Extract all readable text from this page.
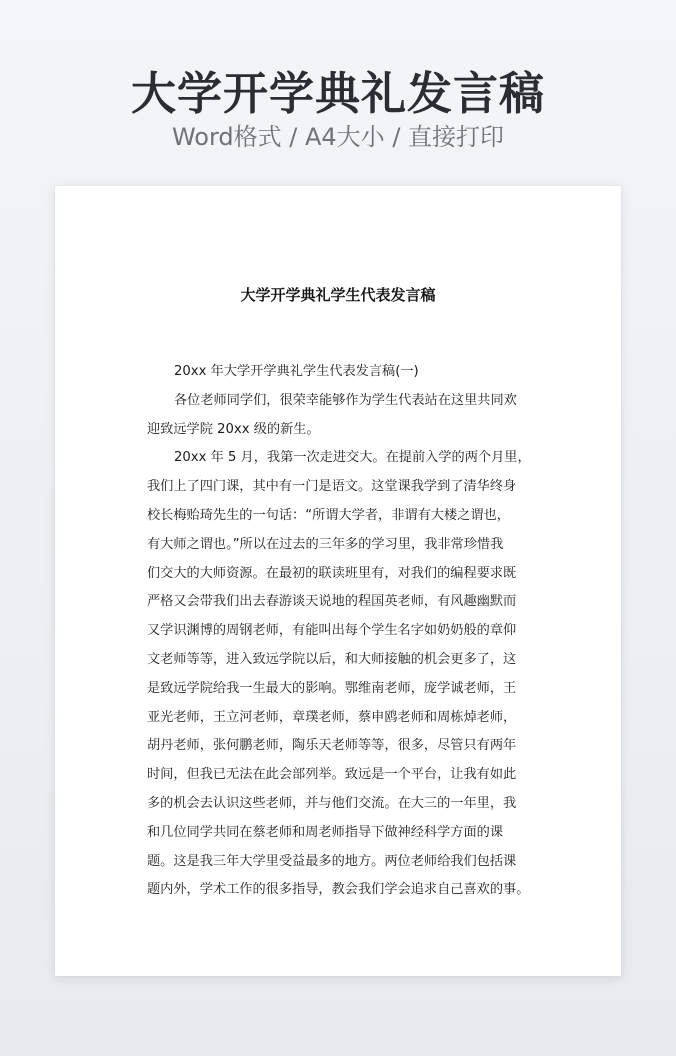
大学开学典礼发言稿
Word格式 / A4大小 / 直接打印
大学开学典礼学生代表发言稿
20xx 年大学开学典礼学生代表发言稿(一)
各位老师同学们，很荣幸能够作为学生代表站在这里共同欢
迎致远学院 20xx 级的新生。
20xx 年 5 月，我第一次走进交大。在提前入学的两个月里，
我们上了四门课，其中有一门是语文。这堂课我学到了清华终身
校长梅贻琦先生的一句话：“所谓大学者，非谓有大楼之谓也，
有大师之谓也。”所以在过去的三年多的学习里，我非常珍惜我
们交大的大师资源。在最初的联读班里有，对我们的编程要求既
严格又会带我们出去春游谈天说地的程国英老师，有风趣幽默而
又学识渊博的周钢老师，有能叫出每个学生名字如奶奶般的章仰
文老师等等，进入致远学院以后，和大师接触的机会更多了，这
是致远学院给我一生最大的影响。鄂维南老师，庞学诚老师，王
亚光老师，王立河老师，章璞老师，蔡申鸥老师和周栋焯老师，
胡丹老师，张何鹏老师，陶乐天老师等等，很多，尽管只有两年
时间，但我已无法在此会部列举。致远是一个平台，让我有如此
多的机会去认识这些老师，并与他们交流。在大三的一年里，我
和几位同学共同在蔡老师和周老师指导下做神经科学方面的课
题。这是我三年大学里受益最多的地方。两位老师给我们包括课
题内外，学术工作的很多指导，教会我们学会追求自己喜欢的事。
